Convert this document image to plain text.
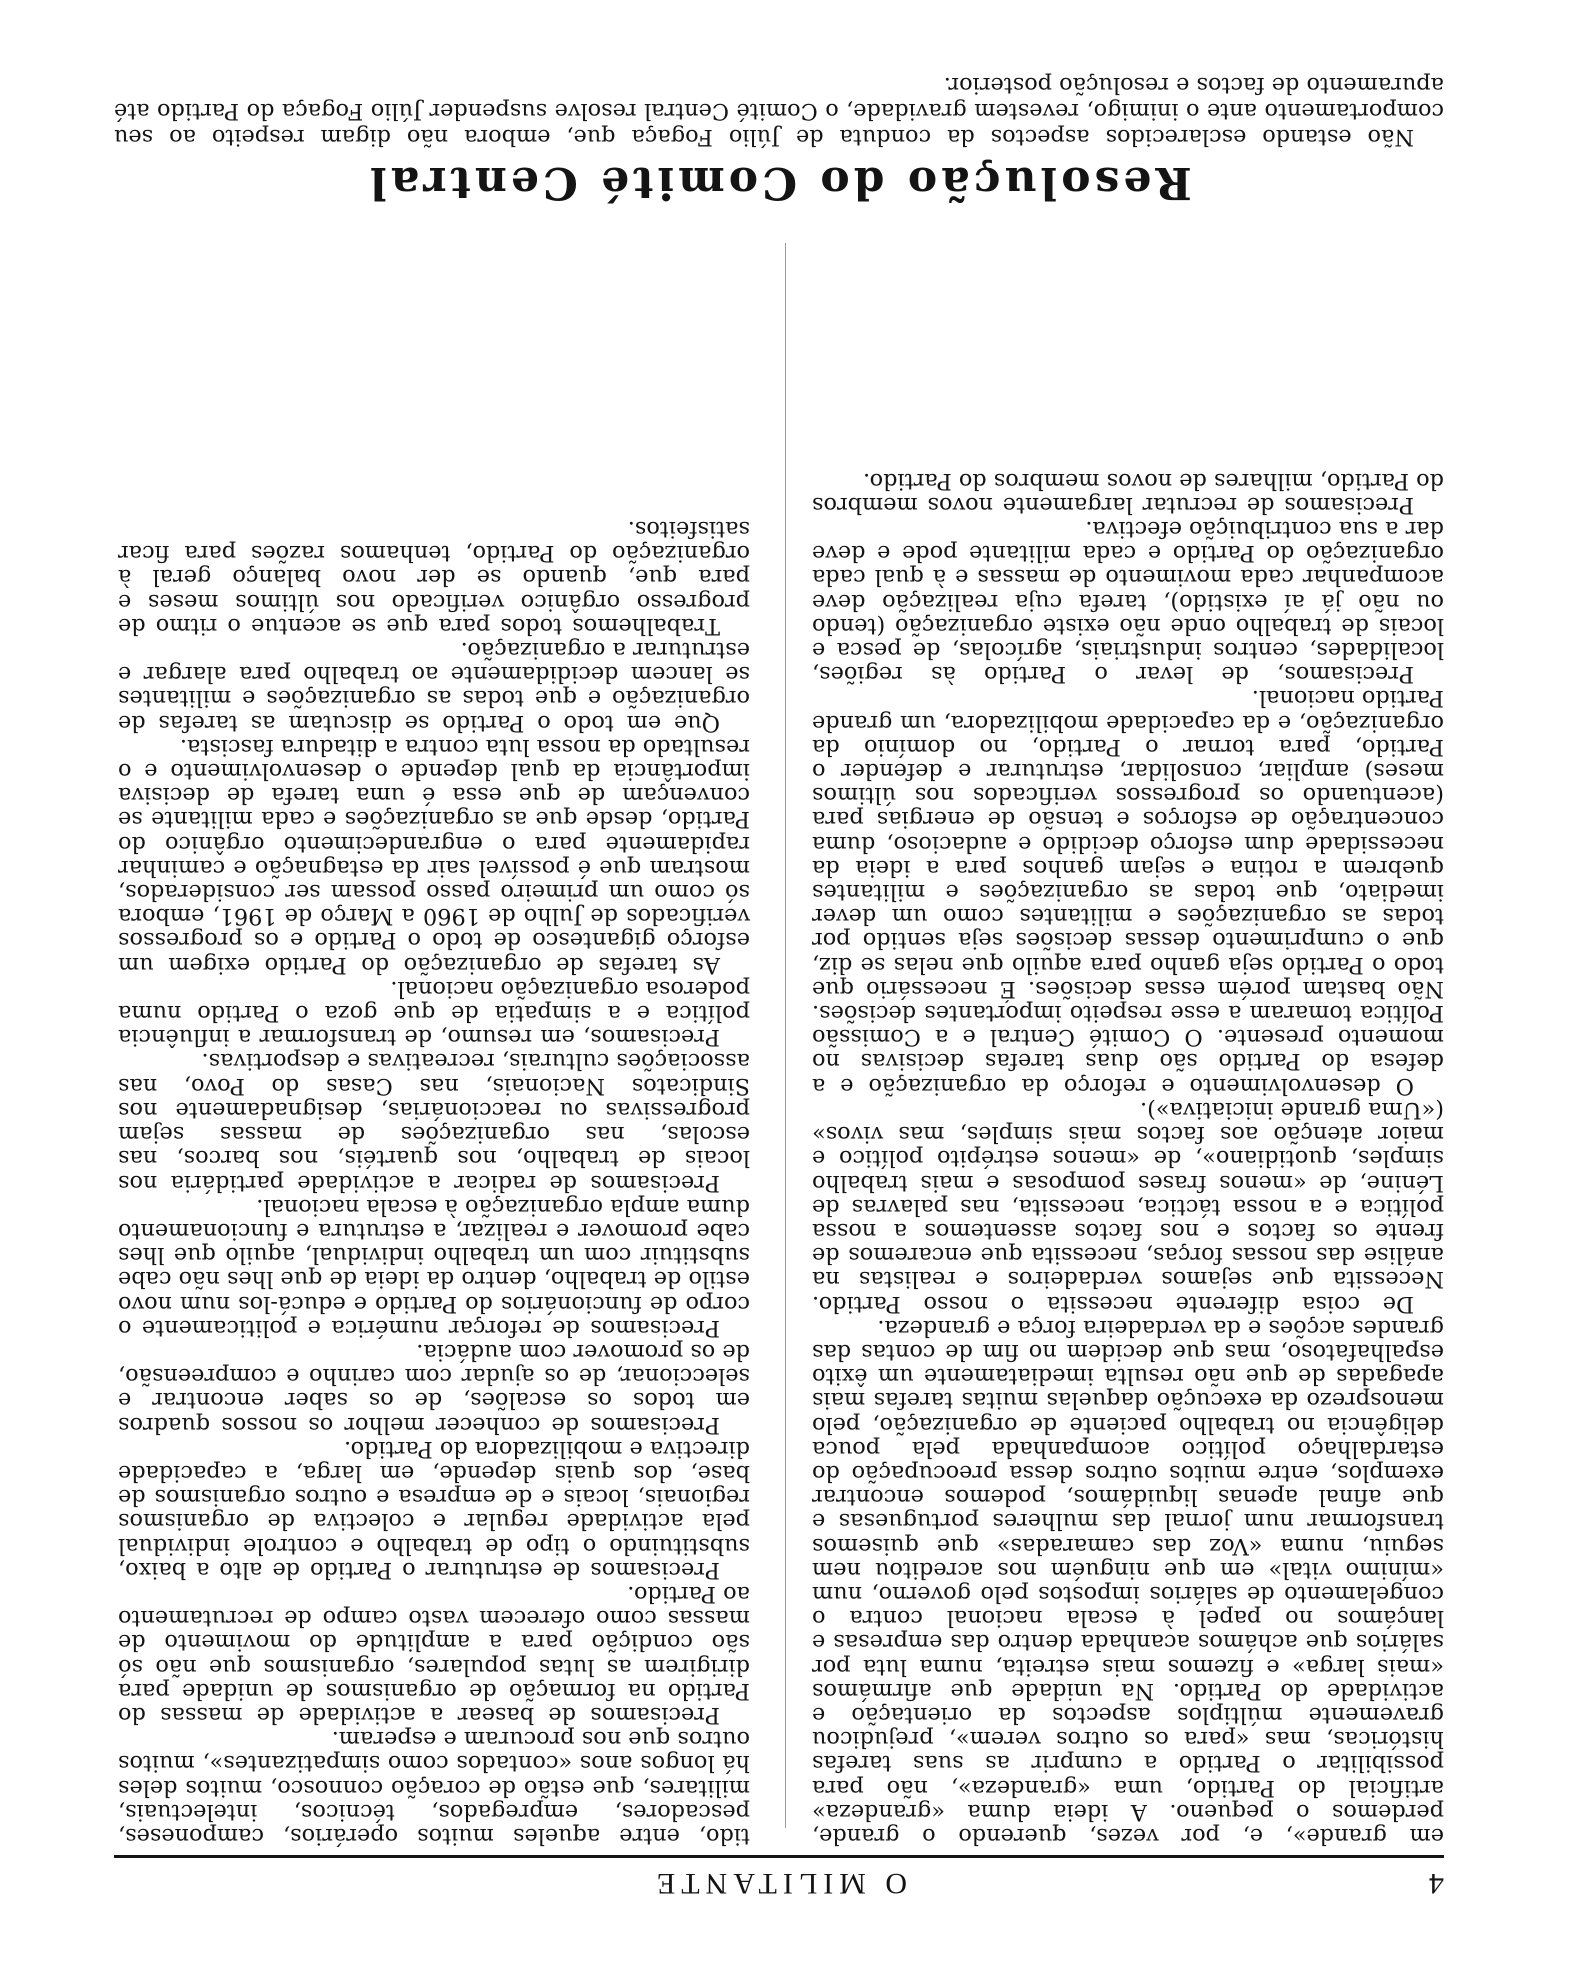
4
O MILITANTE

em grande», e, por vezes, querendo o grande, perdemos o pequeno. A ideia duma «grandeza» artificial do Partido, uma «grandeza», não para possibilitar o Partido a cumprir as suas tarefas históricas, mas «para os outros verem», prejudicou gravemente múltiplos aspectos da orientação e actividade do Partido. Na unidade que afirmámos «mais larga» e fizemos mais estreita, numa luta por salários que achámos acanhada dentro das empresas e lançámos no papel à escala nacional contra o congelamento de salários impostos pelo governo, num «mínimo vital» em que ninguém nos acreditou nem seguiu, numa «Voz das camaradas» que quisemos transformar num jornal das mulheres portuguesas e que afinal apenas liquidámos, podemos encontrar exemplos, entre muitos outros dessa preocupação do estardalhaço político acompanhada pela pouca deligência no trabalho paciente de organização, pelo menosprezo da execução daquelas muitas tarefas mais apagadas de que não resulta imediatamente um êxito espalhafatoso, mas que decidem no fim de contas das grandes acções e da verdadeira força e grandeza.

De coisa diferente necessita o nosso Partido. Necessita que sejamos verdadeiros e realistas na análise das nossas forças, necessita que encaremos de frente os factos e nos factos assentemos a nossa política e a nossa táctica, necessita, nas palavras de Lénine, de «menos frases pomposas e mais trabalho simples, quotidiano», de «menos estrépito político e maior atenção aos factos mais simples, mas vivos» («Uma grande iniciativa»).

O desenvolvimento e reforço da organização e a defesa do Partido são duas tarefas decisivas no momento presente. O Comité Central e a Comissão Política tomaram a esse respeito importantes decisões. Não bastam porém essas decisões. É necessário que todo o Partido seja ganho para aquilo que nelas se diz, que o cumprimento dessas decisões seja sentido por todas as organizações e militantes como um dever imediato, que todas as organizações e militantes quebrem a rotina e sejam ganhos para a ideia da necessidade dum esforço decidido e audacioso, duma concentração de esforços e tensão de energias para (acentuando os progressos verificados nos últimos meses) ampliar, consolidar, estruturar e defender o Partido, para tornar o Partido, no domínio da organização, e da capacidade mobilizadora, um grande Partido nacional.

Precisamos, de levar o Partido às regiões, localidades, centros industriais, agrícolas, de pesca e locais de trabalho onde não existe organização (tendo ou não já aí existido), tarefa cuja realização deve acompanhar cada movimento de massas e à qual cada organização do Partido e cada militante pode e deve dar a sua contribuição efectiva.

Precisamos de recrutar largamente novos membros do Partido, milhares de novos membros do Partido.

tido, entre aqueles muitos operários, camponeses, pescadores, empregados, técnicos, intelectuais, militares, que estão de coração connosco, muitos deles há longos anos «contados como simpatizantes», muitos outros que nos procuram e esperam.

Precisamos de basear a actividade de massas do Partido na formação de organismos de unidade para dirigirem as lutas populares, organismos que não só são condição para a amplitude do movimento de massas como oferecem vasto campo de recrutamento ao Partido.

Precisamos de estruturar o Partido de alto a baixo, substituindo o tipo de trabalho e controle individual pela actividade regular e colectiva de organismos regionais, locais e de empresa e outros organismos de base, dos quais depende, em larga, a capacidade directiva e mobilizadora do Partido.

Precisamos de conhecer melhor os nossos quadros em todos os escalões, de os saber encontrar e seleccionar, de os ajudar com carinho e compreensão, de os promover com audácia.

Precisamos de reforçar numérica e politicamente o corpo de funcionários do Partido e educá-los num novo estilo de trabalho, dentro da ideia de que lhes não cabe substituir com um trabalho individual, aquilo que lhes cabe promover e realizar, a estrutura e funcionamento duma ampla organização à escala nacional.

Precisamos de radicar a actividade partidária nos locais de trabalho, nos quartéis, nos barcos, nas escolas, nas organizações de massas sejam progressivas ou reaccionárias, designadamente nos Sindicatos Nacionais, nas Casas do Povo, nas associações culturais, recreativas e desportivas.

Precisamos, em resumo, de transformar a influência política e a simpatia de que goza o Partido numa poderosa organização nacional.

As tarefas de organização do Partido exigem um esforço gigantesco de todo o Partido e os progressos verificados de Julho de 1960 a Março de 1961, embora só como um primeiro passo possam ser considerados, mostram que é possível sair da estagnação e caminhar rapidamente para o engrandecimento orgânico do Partido, desde que as organizações e cada militante se convençam de que essa é uma tarefa de decisiva importância da qual depende o desenvolvimento e o resultado da nossa luta contra a ditadura fascista.

Que em todo o Partido se discutam as tarefas de organização e que todas as organizações e militantes se lancem decididamente ao trabalho para alargar e estruturar a organização.

Trabalhemos todos para que se acentue o ritmo de progresso orgânico verificado nos últimos meses e para que, quando se der novo balanço geral à organização do Partido, tenhamos razões para ficar satisfeitos.

Resolução do Comité Central

Não estando esclarecidos aspectos da conduta de Júlio Fogaça que, embora não digam respeito ao seu comportamento ante o inimigo, revestem gravidade, o Comité Central resolve suspender Júlio Fogaça do Partido até apuramento de factos e resolução posterior.
